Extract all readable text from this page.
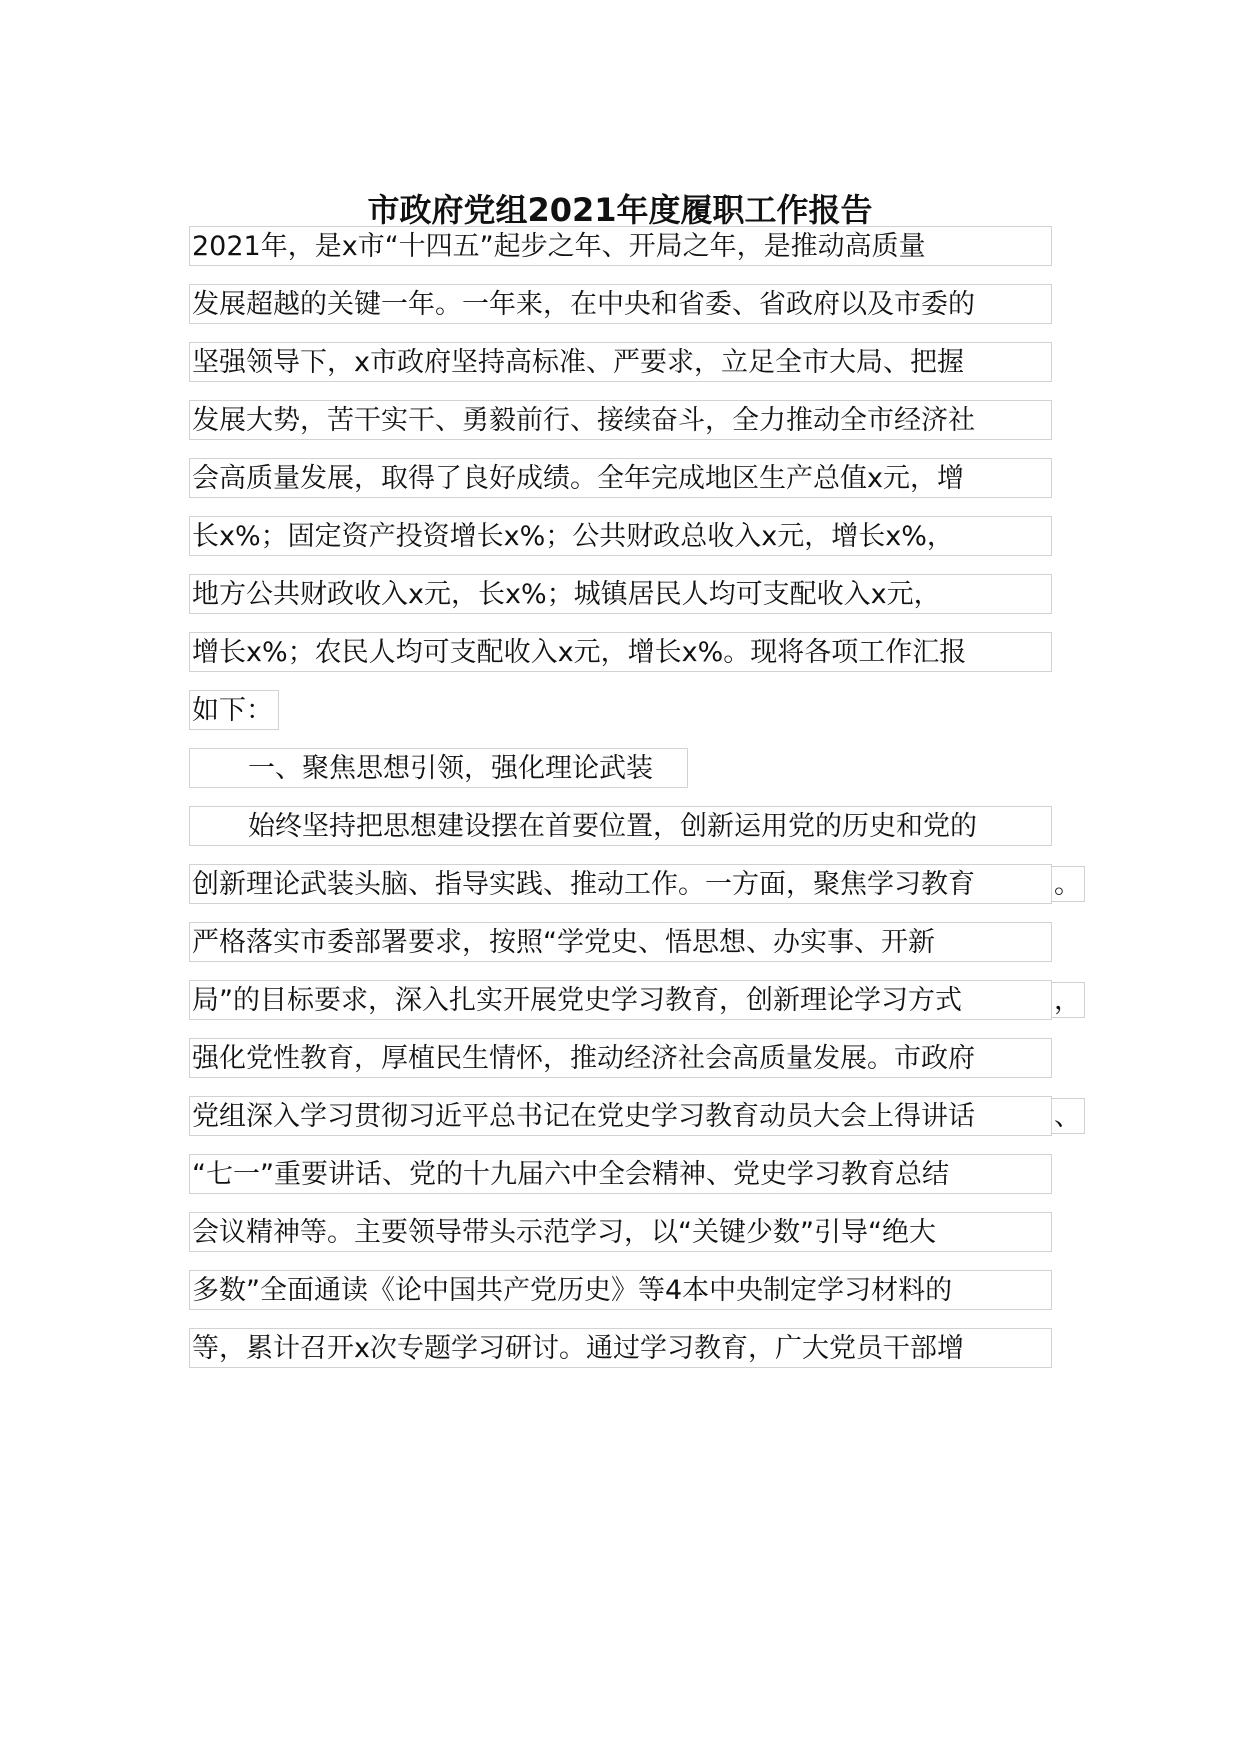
市政府党组2021年度履职工作报告
2021年，是x市“十四五”起步之年、开局之年，是推动高质量
发展超越的关键一年。一年来，在中央和省委、省政府以及市委的
坚强领导下，x市政府坚持高标准、严要求，立足全市大局、把握
发展大势，苦干实干、勇毅前行、接续奋斗，全力推动全市经济社
会高质量发展，取得了良好成绩。全年完成地区生产总值x元，增
长x%；固定资产投资增长x%；公共财政总收入x元，增长x%，
地方公共财政收入x元，长x%；城镇居民人均可支配收入x元，
增长x%；农民人均可支配收入x元，增长x%。现将各项工作汇报
如下：
一、聚焦思想引领，强化理论武装
始终坚持把思想建设摆在首要位置，创新运用党的历史和党的
创新理论武装头脑、指导实践、推动工作。一方面，聚焦学习教育	。
严格落实市委部署要求，按照“学党史、悟思想、办实事、开新
局”的目标要求，深入扎实开展党史学习教育，创新理论学习方式	，
强化党性教育，厚植民生情怀，推动经济社会高质量发展。市政府
党组深入学习贯彻习近平总书记在党史学习教育动员大会上得讲话	、
“七一”重要讲话、党的十九届六中全会精神、党史学习教育总结
会议精神等。主要领导带头示范学习，以“关键少数”引导“绝大
多数”全面通读《论中国共产党历史》等4本中央制定学习材料的
等，累计召开x次专题学习研讨。通过学习教育，广大党员干部增
